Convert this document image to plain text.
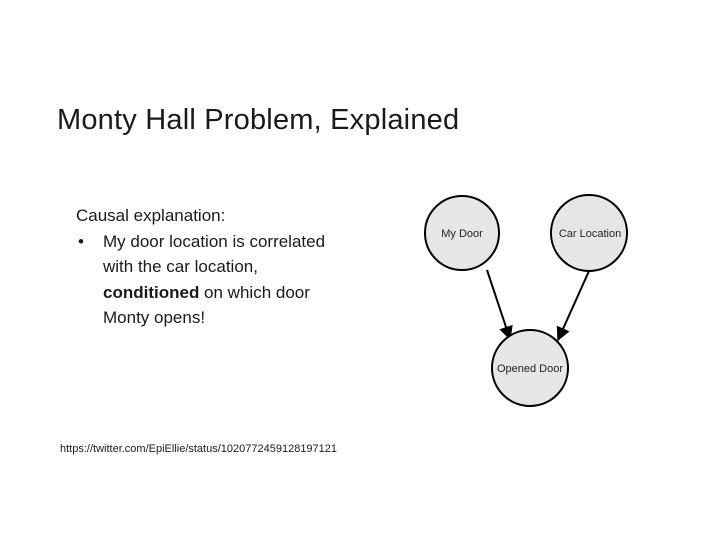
Monty Hall Problem, Explained
Causal explanation:
• My door location is correlated with the car location, conditioned on which door Monty opens!
My Door	Car Location
Opened Door
https://twitter.com/EpiEllie/status/1020772459128197121
